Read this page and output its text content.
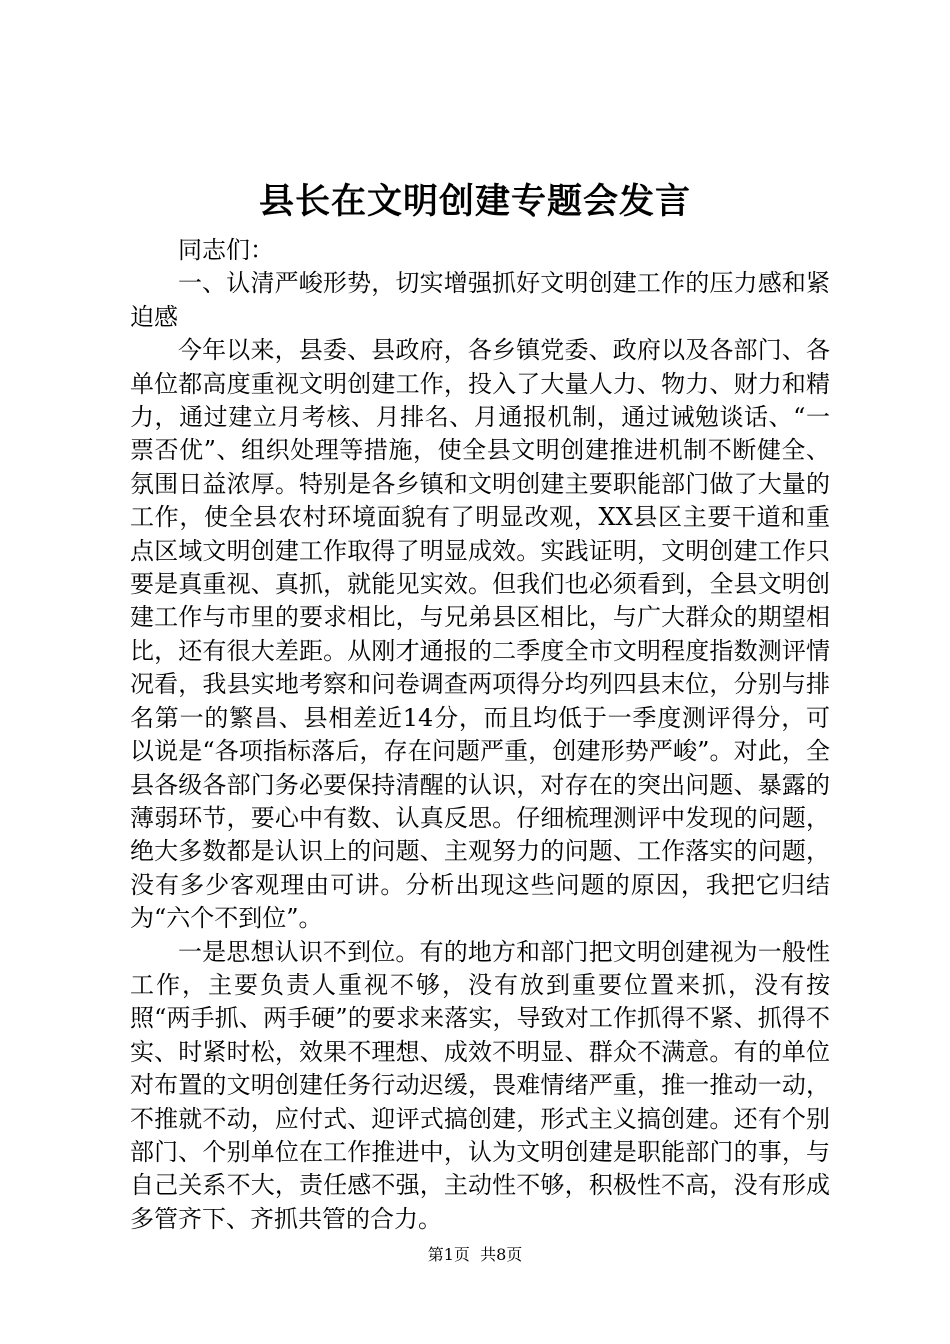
县长在文明创建专题会发言

同志们：

一、认清严峻形势，切实增强抓好文明创建工作的压力感和紧迫感

今年以来，县委、县政府，各乡镇党委、政府以及各部门、各单位都高度重视文明创建工作，投入了大量人力、物力、财力和精力，通过建立月考核、月排名、月通报机制，通过诫勉谈话、“一票否优”、组织处理等措施，使全县文明创建推进机制不断健全、氛围日益浓厚。特别是各乡镇和文明创建主要职能部门做了大量的工作，使全县农村环境面貌有了明显改观，XX县区主要干道和重点区域文明创建工作取得了明显成效。实践证明，文明创建工作只要是真重视、真抓，就能见实效。但我们也必须看到，全县文明创建工作与市里的要求相比，与兄弟县区相比，与广大群众的期望相比，还有很大差距。从刚才通报的二季度全市文明程度指数测评情况看，我县实地考察和问卷调查两项得分均列四县末位，分别与排名第一的繁昌、县相差近14分，而且均低于一季度测评得分，可以说是“各项指标落后，存在问题严重，创建形势严峻”。对此，全县各级各部门务必要保持清醒的认识，对存在的突出问题、暴露的薄弱环节，要心中有数、认真反思。仔细梳理测评中发现的问题，绝大多数都是认识上的问题、主观努力的问题、工作落实的问题，没有多少客观理由可讲。分析出现这些问题的原因，我把它归结为“六个不到位”。

一是思想认识不到位。有的地方和部门把文明创建视为一般性工作，主要负责人重视不够，没有放到重要位置来抓，没有按照“两手抓、两手硬”的要求来落实，导致对工作抓得不紧、抓得不实、时紧时松，效果不理想、成效不明显、群众不满意。有的单位对布置的文明创建任务行动迟缓，畏难情绪严重，推一推动一动，不推就不动，应付式、迎评式搞创建，形式主义搞创建。还有个别部门、个别单位在工作推进中，认为文明创建是职能部门的事，与自己关系不大，责任感不强，主动性不够，积极性不高，没有形成多管齐下、齐抓共管的合力。

第1页  共8页
